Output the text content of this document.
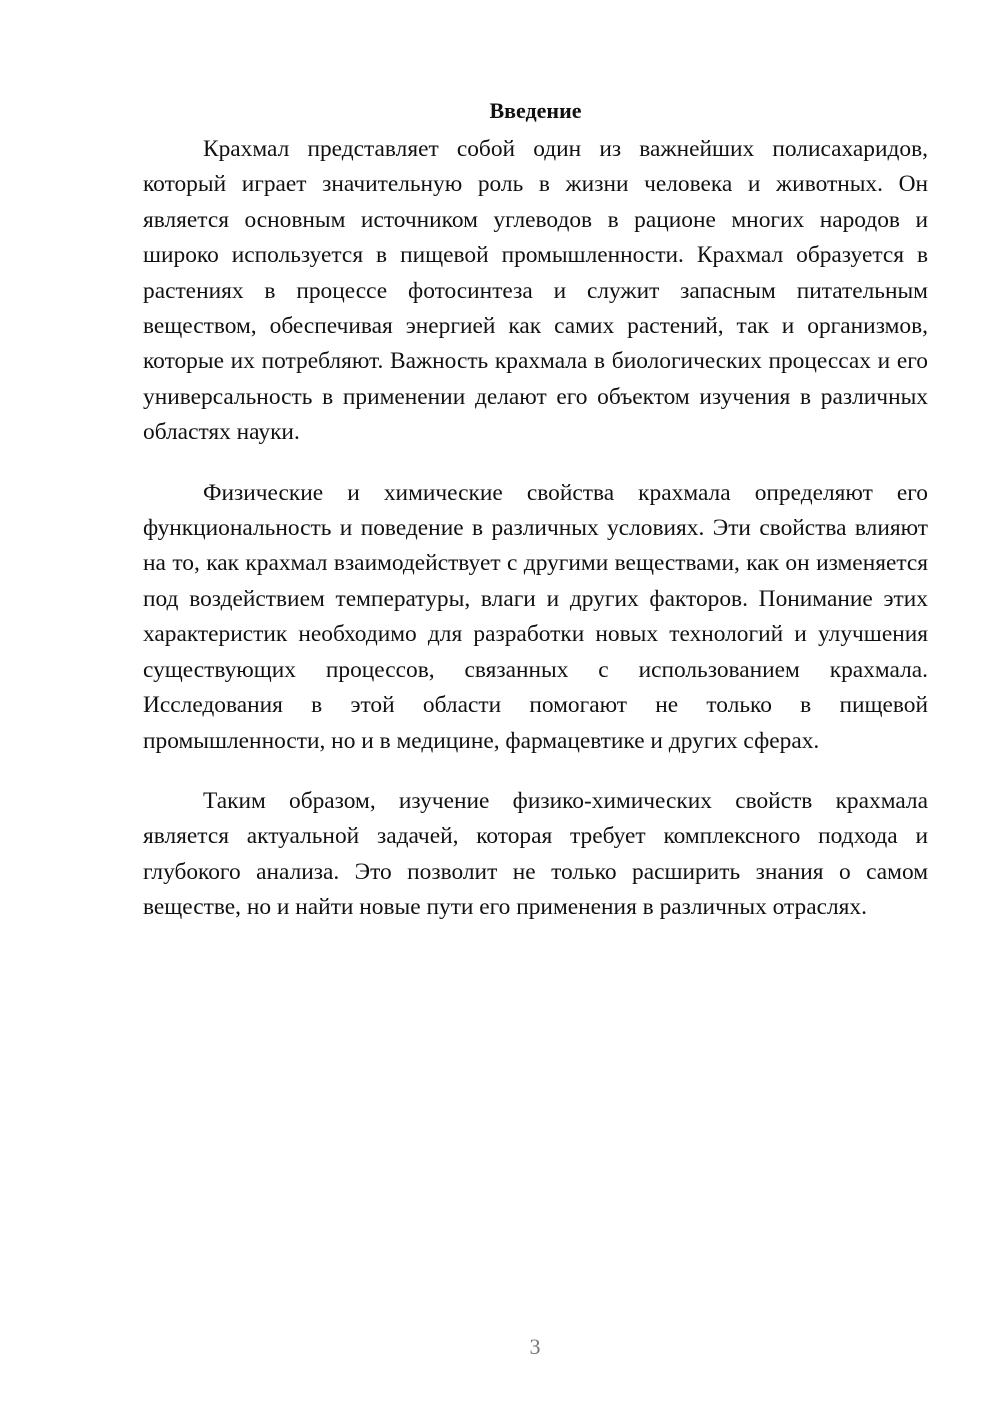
Введение

Крахмал представляет собой один из важнейших полисахаридов, который играет значительную роль в жизни человека и животных. Он является основным источником углеводов в рационе многих народов и широко используется в пищевой промышленности. Крахмал образуется в растениях в процессе фотосинтеза и служит запасным питательным веществом, обеспечивая энергией как самих растений, так и организмов, которые их потребляют. Важность крахмала в биологических процессах и его универсальность в применении делают его объектом изучения в различных областях науки.

Физические и химические свойства крахмала определяют его функциональность и поведение в различных условиях. Эти свойства влияют на то, как крахмал взаимодействует с другими веществами, как он изменяется под воздействием температуры, влаги и других факторов. Понимание этих характеристик необходимо для разработки новых технологий и улучшения существующих процессов, связанных с использованием крахмала. Исследования в этой области помогают не только в пищевой промышленности, но и в медицине, фармацевтике и других сферах.

Таким образом, изучение физико-химических свойств крахмала является актуальной задачей, которая требует комплексного подхода и глубокого анализа. Это позволит не только расширить знания о самом веществе, но и найти новые пути его применения в различных отраслях.

3
